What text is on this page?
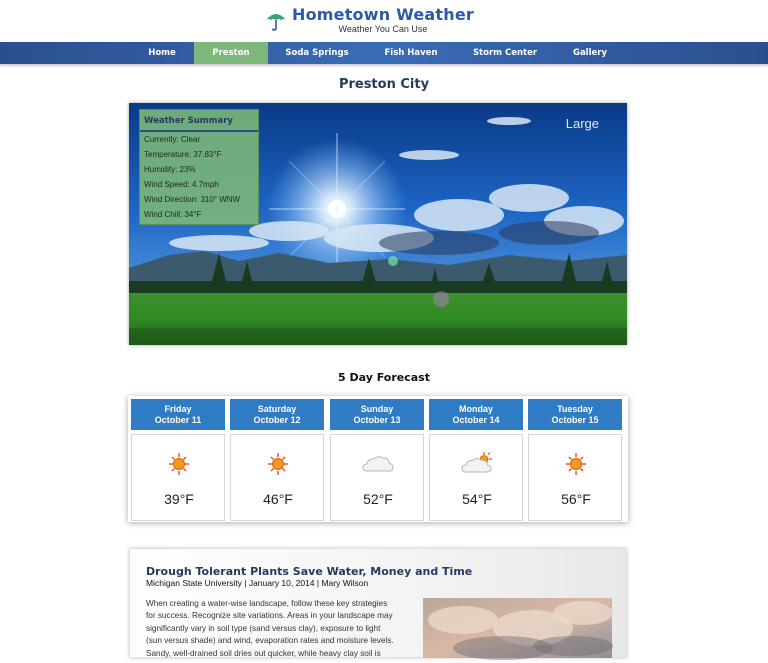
Hometown Weather
Weather You Can Use
Home	Preston	Soda Springs	Fish Haven	Storm Center	Gallery
Preston City
Large
Weather Summary
Currently: Clear
Temperature: 37.83°F
Humidity: 23%
Wind Speed: 4.7mph
Wind Direction: 310° WNW
Wind Chill: 34°F
5 Day Forecast
Friday
October 11
39°F
Saturday
October 12
46°F
Sunday
October 13
52°F
Monday
October 14
54°F
Tuesday
October 15
56°F
Drough Tolerant Plants Save Water, Money and Time
Michigan State University | January 10, 2014 | Mary Wilson
When creating a water-wise landscape, follow these key strategies
for success. Recognize site variations. Areas in your landscape may
significantly vary in soil type (sand versus clay), exposure to light
(sun versus shade) and wind, evaporation rates and moisture levels.
Sandy, well-drained soil dries out quicker, while heavy clay soil is
